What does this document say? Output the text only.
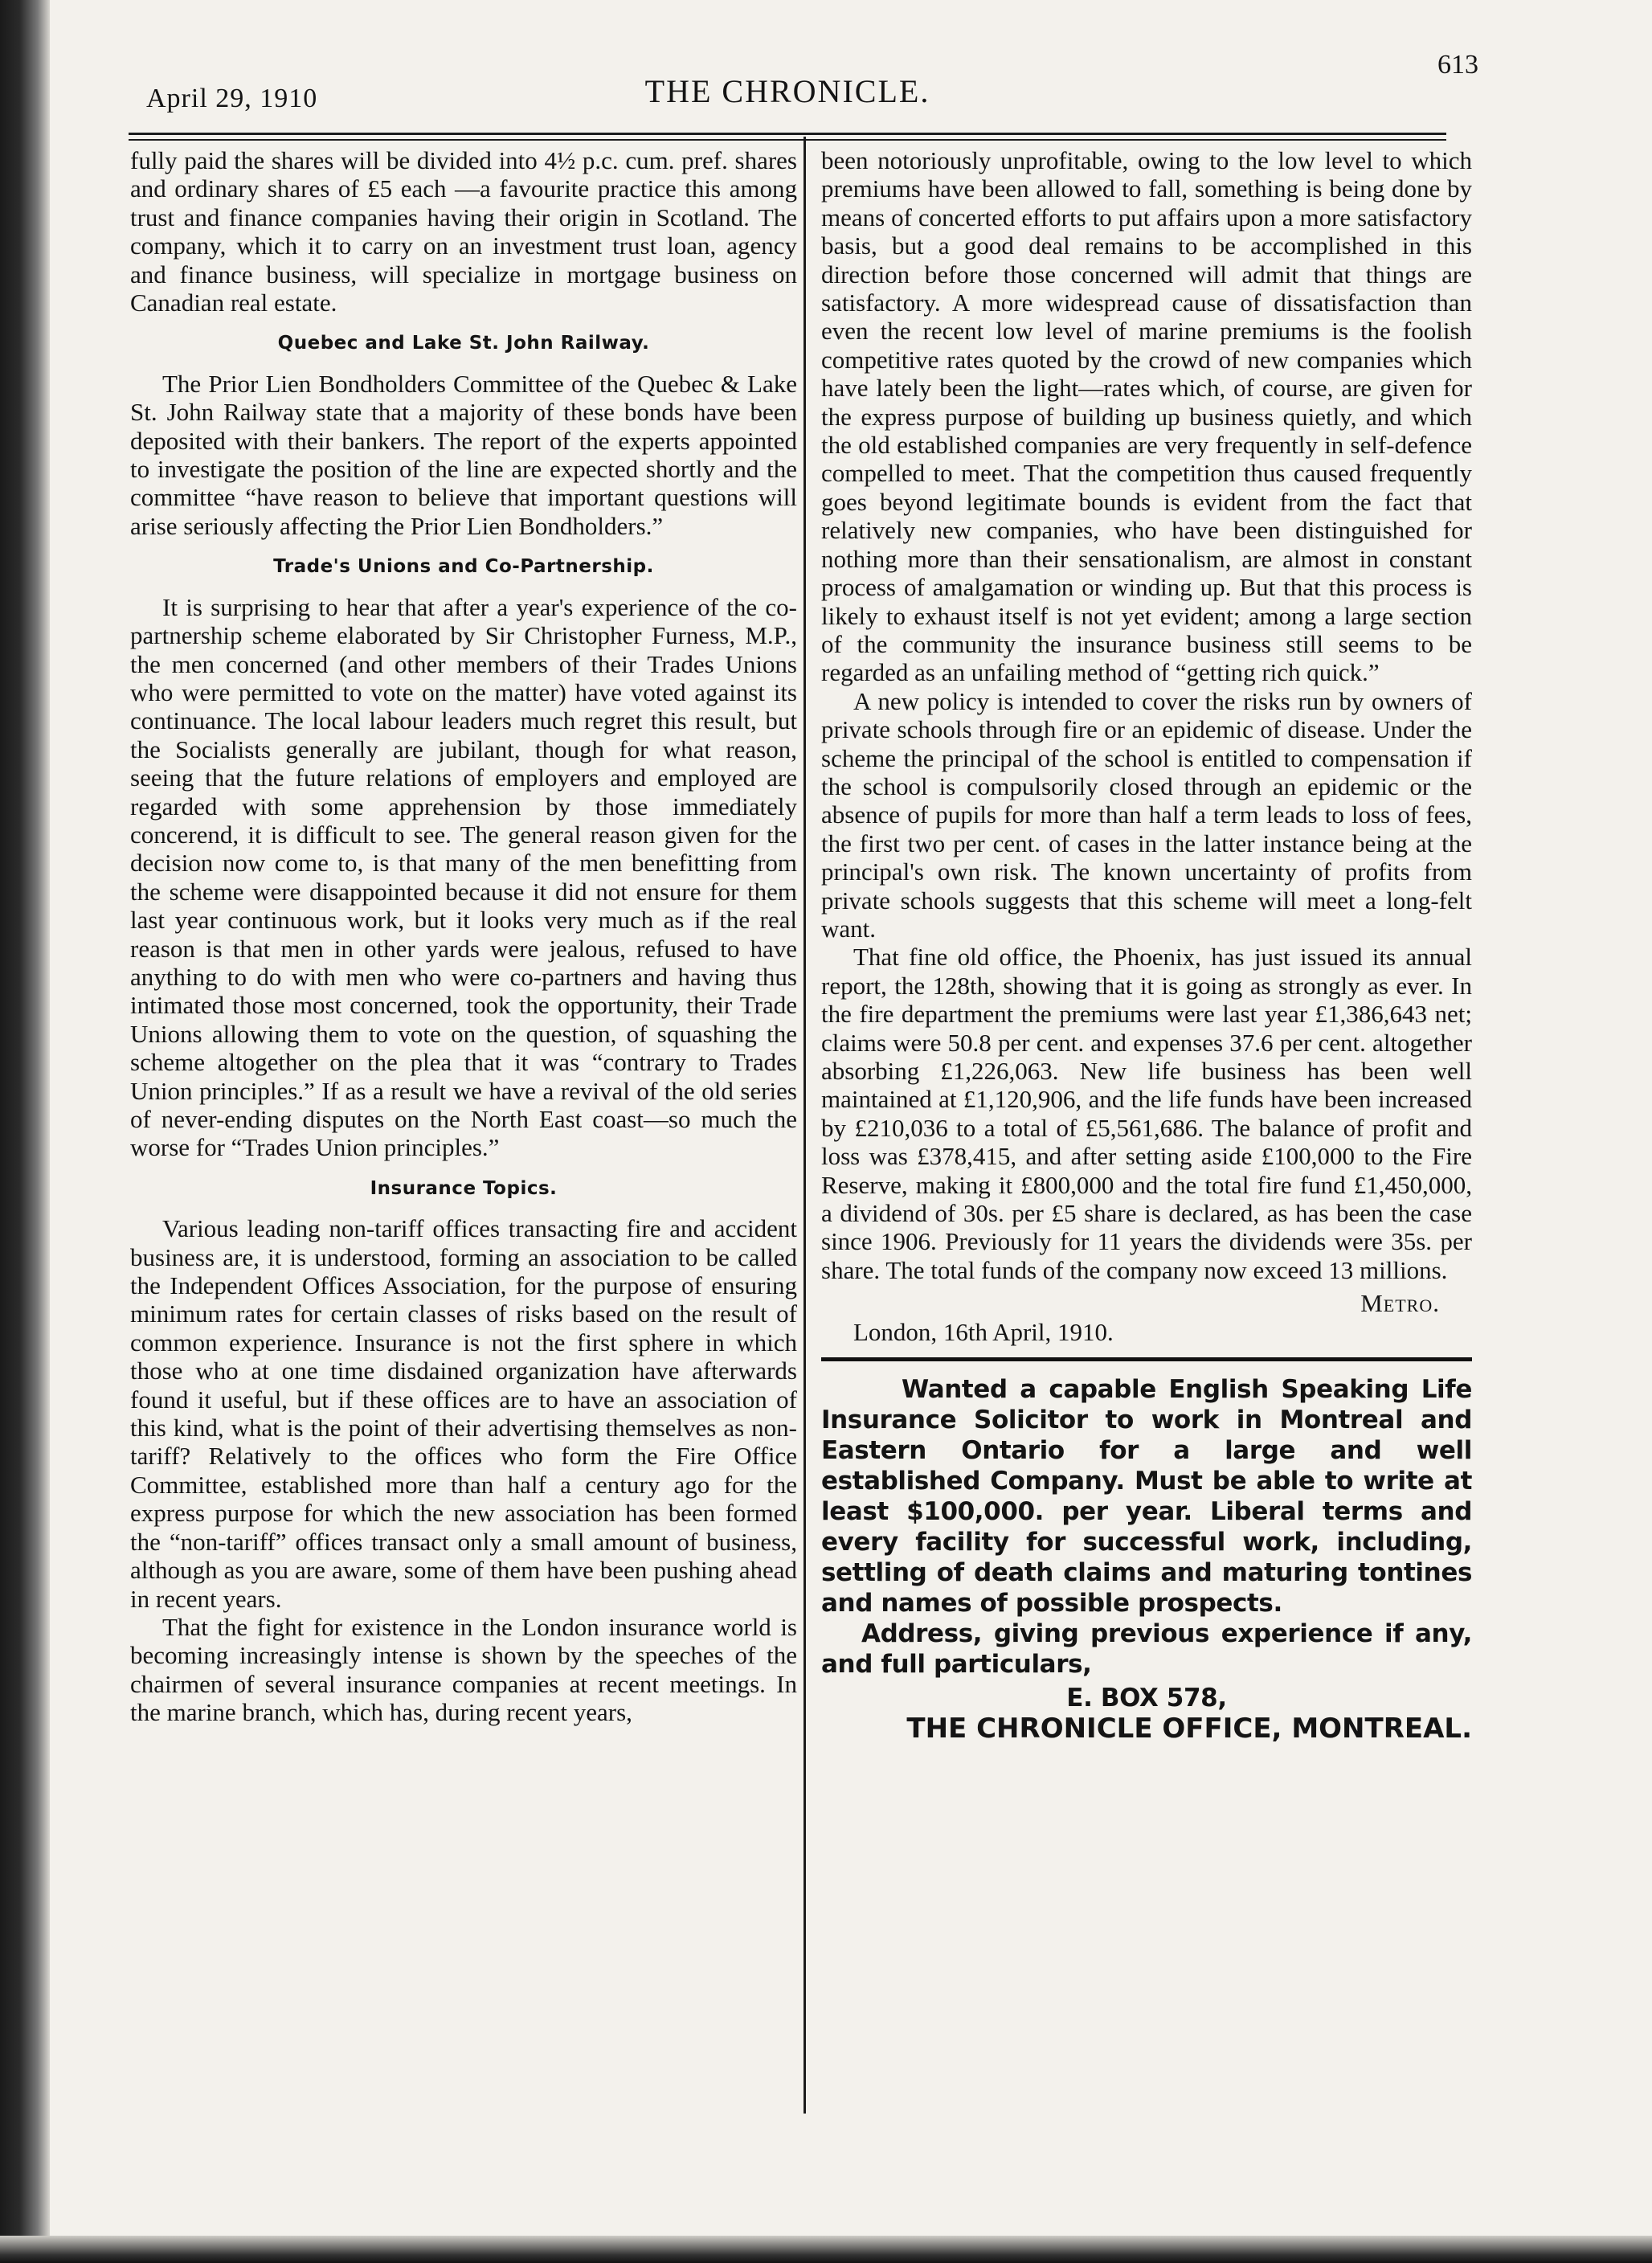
April 29, 1910	THE CHRONICLE.
613

fully paid the shares will be divided into 4½ p.c. cum. pref. shares and ordinary shares of £5 each —a favourite practice this among trust and finance companies having their origin in Scotland. The company, which it to carry on an investment trust loan, agency and finance business, will specialize in mortgage business on Canadian real estate.

Quebec and Lake St. John Railway.

The Prior Lien Bondholders Committee of the Quebec & Lake St. John Railway state that a majority of these bonds have been deposited with their bankers. The report of the experts appointed to investigate the position of the line are expected shortly and the committee “have reason to believe that important questions will arise seriously affecting the Prior Lien Bondholders.”

Trade's Unions and Co-Partnership.

It is surprising to hear that after a year's experience of the co-partnership scheme elaborated by Sir Christopher Furness, M.P., the men concerned (and other members of their Trades Unions who were permitted to vote on the matter) have voted against its continuance. The local labour leaders much regret this result, but the Socialists generally are jubilant, though for what reason, seeing that the future relations of employers and employed are regarded with some apprehension by those immediately concerend, it is difficult to see. The general reason given for the decision now come to, is that many of the men benefitting from the scheme were disappointed because it did not ensure for them last year continuous work, but it looks very much as if the real reason is that men in other yards were jealous, refused to have anything to do with men who were co-partners and having thus intimated those most concerned, took the opportunity, their Trade Unions allowing them to vote on the question, of squashing the scheme altogether on the plea that it was “contrary to Trades Union principles.” If as a result we have a revival of the old series of never-ending disputes on the North East coast—so much the worse for “Trades Union principles.”

Insurance Topics.

Various leading non-tariff offices transacting fire and accident business are, it is understood, forming an association to be called the Independent Offices Association, for the purpose of ensuring minimum rates for certain classes of risks based on the result of common experience. Insurance is not the first sphere in which those who at one time disdained organization have afterwards found it useful, but if these offices are to have an association of this kind, what is the point of their advertising themselves as non-tariff? Relatively to the offices who form the Fire Office Committee, established more than half a century ago for the express purpose for which the new association has been formed the “non-tariff” offices transact only a small amount of business, although as you are aware, some of them have been pushing ahead in recent years.

That the fight for existence in the London insurance world is becoming increasingly intense is shown by the speeches of the chairmen of several insurance companies at recent meetings. In the marine branch, which has, during recent years,

been notoriously unprofitable, owing to the low level to which premiums have been allowed to fall, something is being done by means of concerted efforts to put affairs upon a more satisfactory basis, but a good deal remains to be accomplished in this direction before those concerned will admit that things are satisfactory. A more widespread cause of dissatisfaction than even the recent low level of marine premiums is the foolish competitive rates quoted by the crowd of new companies which have lately been the light—rates which, of course, are given for the express purpose of building up business quietly, and which the old established companies are very frequently in self-defence compelled to meet. That the competition thus caused frequently goes beyond legitimate bounds is evident from the fact that relatively new companies, who have been distinguished for nothing more than their sensationalism, are almost in constant process of amalgamation or winding up. But that this process is likely to exhaust itself is not yet evident; among a large section of the community the insurance business still seems to be regarded as an unfailing method of “getting rich quick.”

A new policy is intended to cover the risks run by owners of private schools through fire or an epidemic of disease. Under the scheme the principal of the school is entitled to compensation if the school is compulsorily closed through an epidemic or the absence of pupils for more than half a term leads to loss of fees, the first two per cent. of cases in the latter instance being at the principal's own risk. The known uncertainty of profits from private schools suggests that this scheme will meet a long-felt want.

That fine old office, the Phoenix, has just issued its annual report, the 128th, showing that it is going as strongly as ever. In the fire department the premiums were last year £1,386,643 net; claims were 50.8 per cent. and expenses 37.6 per cent. altogether absorbing £1,226,063. New life business has been well maintained at £1,120,906, and the life funds have been increased by £210,036 to a total of £5,561,686. The balance of profit and loss was £378,415, and after setting aside £100,000 to the Fire Reserve, making it £800,000 and the total fire fund £1,450,000, a dividend of 30s. per £5 share is declared, as has been the case since 1906. Previously for 11 years the dividends were 35s. per share. The total funds of the company now exceed 13 millions.

Metro.

London, 16th April, 1910.

Wanted a capable English Speaking Life Insurance Solicitor to work in Montreal and Eastern Ontario for a large and well established Company. Must be able to write at least $100,000. per year. Liberal terms and every facility for successful work, including, settling of death claims and maturing tontines and names of possible prospects.

Address, giving previous experience if any, and full particulars,

E. BOX 578,

THE CHRONICLE OFFICE, MONTREAL.
